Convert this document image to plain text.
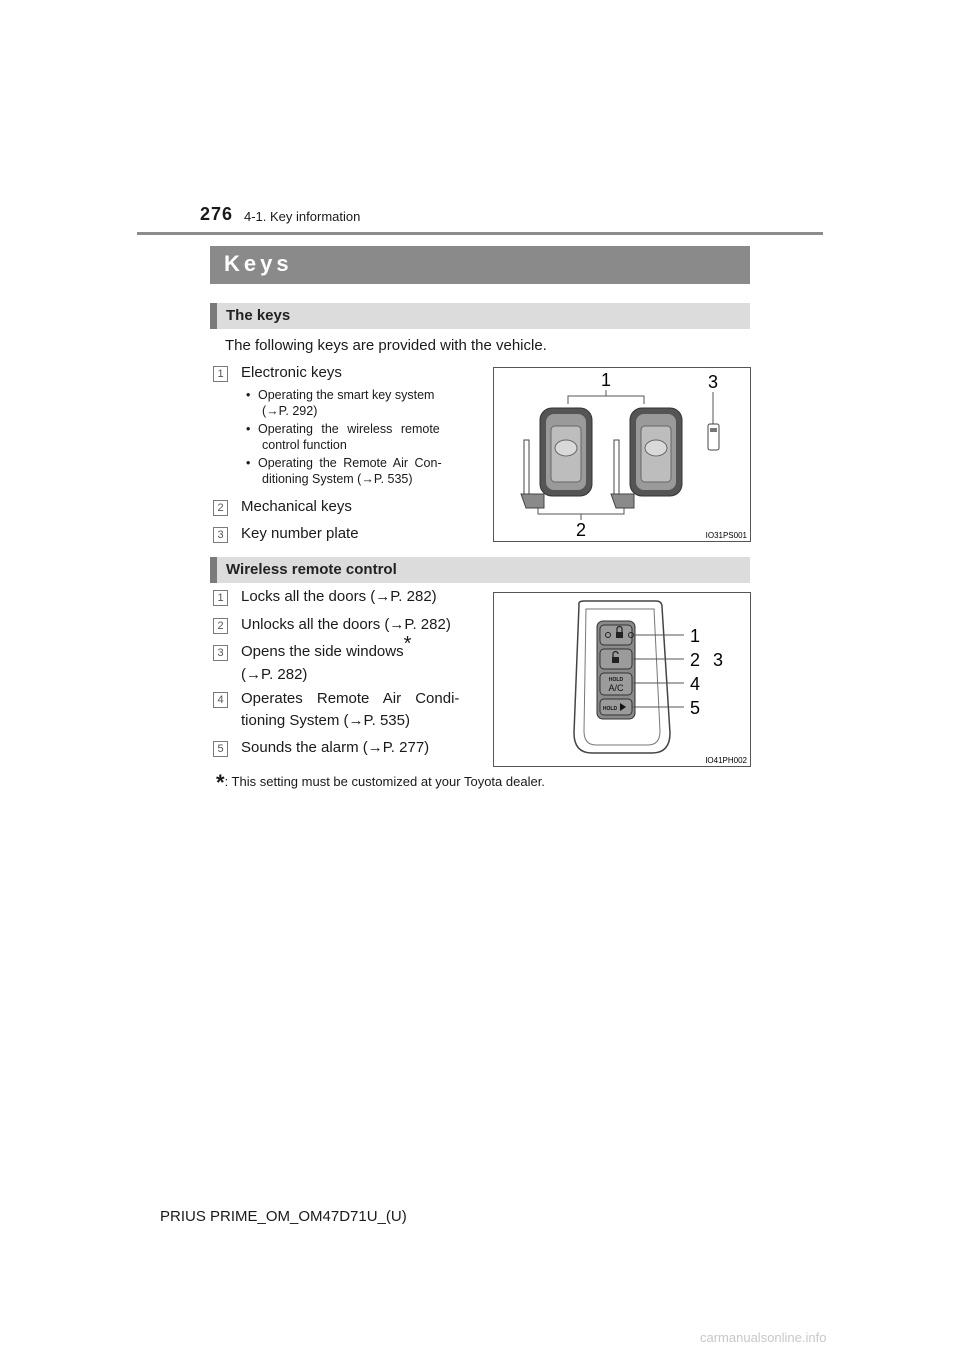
276 4-1. Key information
Keys
The keys
The following keys are provided with the vehicle.
1 Electronic keys
• Operating the smart key system
(→P. 292)
• Operating the wireless remote
control function
• Operating the Remote Air Con-
ditioning System (→P. 535)
2 Mechanical keys
3 Key number plate
1
2
3
IO31PS001
Wireless remote control
1 Locks all the doors (→P. 282)
2 Unlocks all the doors (→P. 282)
3 Opens the side windows*
(→P. 282)
4 Operates Remote Air Condi-
tioning System (→P. 535)
5 Sounds the alarm (→P. 277)
HOLD
A/C
HOLD
1
2 3
4
5
IO41PH002
*: This setting must be customized at your Toyota dealer.
PRIUS PRIME_OM_OM47D71U_(U)
carmanualsonline.info
